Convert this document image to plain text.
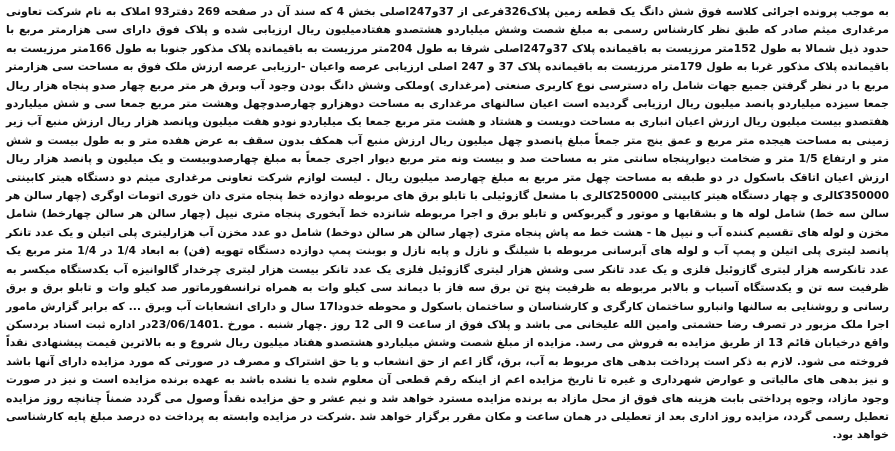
به موجب پرونده اجرائی کلاسه فوق شش دانگ یک قطعه زمین پلاک326فرعی از 37و247اصلی بخش 4 که سند آن در صفحه 269 دفتر93 املاک به نام شرکت تعاونی مرغداری میثم صادر که طبق نظر کارشناس رسمی به مبلغ شصت وشش میلیاردو هشتصدو هفتادمیلیون ریال ارزیابی شده و پلاک فوق دارای سی هزارمتر مربع با حدود ذیل شمالا به طول 152متر مرزیست به باقیمانده پلاک 37و247اصلی شرقا به طول 204متر مرزیست به باقیمانده پلاک مذکور جنوبا به طول 166متر مرزیست به باقیمانده پلاک مذکور غربا به طول 179متر مرزیست به باقیمانده پلاک 37 و 247 اصلی ارزیابی عرصه واعیان -ارزیابی عرصه ارزش ملک فوق به مساحت سی هزارمتر مربع با در نظر گرفتن جمیع جهات شامل راه دسترسی نوع کاربری صنعتی (مرغداری )وملکی وشش دانگ بودن وجود آب وبرق هر متر مربع چهار صدو پنجاه هزار ریال جمعا سیزده میلیاردو پانصد میلیون ریال ارزیابی گردیده است اعیان سالنهای مرغداری به مساحت دوهزارو چهارصدوچهل وهشت متر مربع جمعا سی و شش میلیاردو هفتصدو بیست میلیون ریال ارزش اعیان انباری به مساحت دویست و هشتاد و هشت متر مربع جمعا یک میلیاردو نودو هفت میلیون وپانصد هزار ریال ارزش منبع آب زیر زمینی به مساحت هیجده متر مربع و عمق ینج متر جمعاً مبلغ پانصدو چهل میلیون ریال ارزش منبع آب همکف بدون سقف به عرض هفده متر و به طول بیست و شش متر و ارتفاع 1/5 متر و ضخامت دیوارپنجاه سانتی متر به مساحت صد و بیست ونه متر مربع دیوار اجری جمعاً به مبلغ چهارصدوبیست و یک میلیون و پانصد هزار ریال ارزش اعیان اتاقک باسکول در دو طبقه به مساحت چهل متر مربع به مبلغ چهارصد میلیون ریال . لیست لوازم شرکت تعاونی مرغداری میثم دو دستگاه هیتر کابینتی 350000کالری و چهار دستگاه هیتر کابینتی 250000کالری با مشعل گازوئیلی با تابلو برق های مربوطه دوازده خط پنجاه متری دان خوری اتومات اوگری (چهار سالن هر سالن سه خط) شامل لوله ها و بشقابها و موتور و گیربوکس و تابلو برق و اجرا مربوطه شانزده خط آبخوری پنجاه متری نیپل (چهار سالن هر سالن چهارخط) شامل مخزن و لوله های تقسیم کننده آب و نیپل ها - هشت خط مه پاش پنجاه متری (چهار سالن هر سالن دوخط) شامل دو عدد مخزن آب هزارلیتری پلی اتیلن و یک عدد تانکر پانصد لیتری پلی اتیلن و پمپ آب و لوله های آبرسانی مربوطه با شیلنگ و نازل و پایه نازل و بوبنت پمپ دوازده دستگاه تهویه (فن) به ابعاد 1/4 در 1/4 متر مربع یک عدد تانکرسه هزار لیتری گازوئیل فلزی و یک عدد تانکر سی وشش هزار لیتری گازوئیل فلزی یک عدد تانکر بیست هزار لیتری چرخدار گالوانیزه آب یکدستگاه میکسر به ظرفیت سه تن و یکدستگاه آسیاب و بالابر مربوطه به ظرفیت پنج تن برق سه فاز با دیماند سی کیلو وات به همراه ترانسفورماتور صد کیلو وات و تابلو برق و برق رسانی و روشنایی به سالنها وانبارو ساختمان کارگری و کارشناسان و ساختمان باسکول و محوطه خدودا17 سال و دارای انشعابات آب وبرق ... که برابر گزارش مامور اجرا ملک مزبور در تصرف رضا حشمتی وامین الله علیخانی می باشد و پلاک فوق از ساعت 9 الی 12 روز .چهار شنبه . مورخ .23/06/1401در اداره ثبت اسناد بردسکن واقع درخیابان قائم 13 از طریق مزایده به فروش می رسد. مزایده از مبلغ شصت وشش میلیاردو هشتصدو هفتاد میلیون ریال شروع و به بالاترین قیمت پیشنهادی نقداً فروخته می شود. لازم به ذکر است پرداخت بدهی های مربوط به آب، برق، گاز اعم از حق انشعاب و یا حق اشتراک و مصرف در صورتی که مورد مزایده دارای آنها باشد و نیز بدهی های مالیاتی و عوارض شهرداری و غیره تا تاریخ مزایده اعم از اینکه رقم قطعی آن معلوم شده یا نشده باشد به عهده برنده مزایده است و نیز در صورت وجود مازاد، وجوه پرداختی بابت هزینه های فوق از محل مازاد به برنده مزایده مسترد خواهد شد و نیم عشر و حق مزایده نقداً وصول می گردد ضمناً چنانچه روز مزایده تعطیل رسمی گردد، مزایده روز اداری بعد از تعطیلی در همان ساعت و مکان مقرر برگزار خواهد شد .شرکت در مزایده وابسته به پرداخت ده درصد مبلغ پایه کارشناسی خواهد بود.
